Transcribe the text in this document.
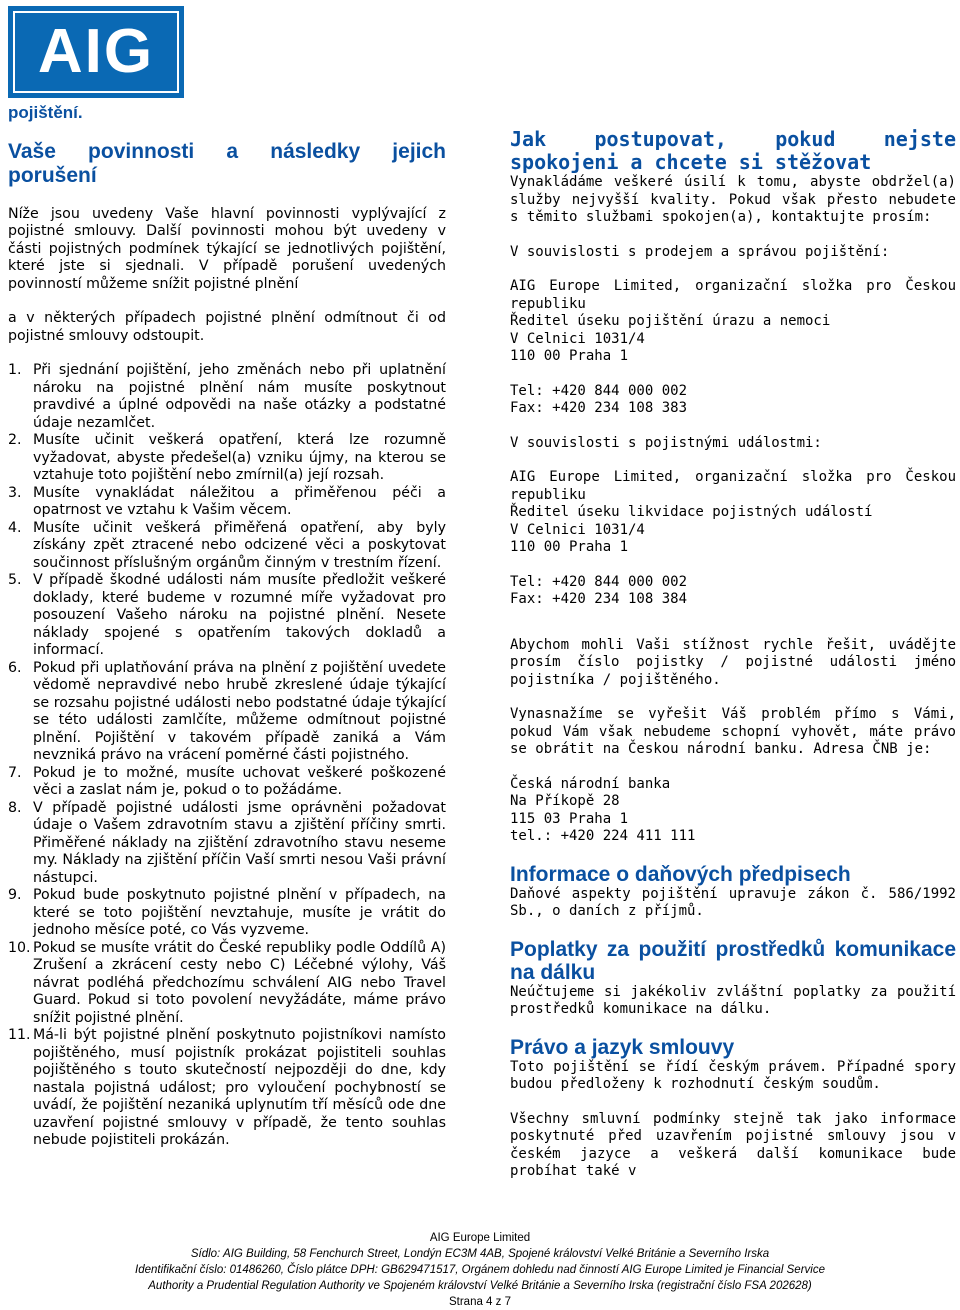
AIG

pojištění.

Vaše povinnosti a následky jejich
porušení

Níže jsou uvedeny Vaše hlavní povinnosti vyplývající z pojistné smlouvy. Další povinnosti mohou být uvedeny v části pojistných podmínek týkající se jednotlivých pojištění, které jste si sjednali. V případě porušení uvedených povinností můžeme snížit pojistné plnění

a v některých případech pojistné plnění odmítnout či od pojistné smlouvy odstoupit.

1. Při sjednání pojištění, jeho změnách nebo při uplatnění nároku na pojistné plnění nám musíte poskytnout pravdivé a úplné odpovědi na naše otázky a podstatné údaje nezamlčet.
2. Musíte učinit veškerá opatření, která lze rozumně vyžadovat, abyste předešel(a) vzniku újmy, na kterou se vztahuje toto pojištění nebo zmírnil(a) její rozsah.
3. Musíte vynakládat náležitou a přiměřenou péči a opatrnost ve vztahu k Vašim věcem.
4. Musíte učinit veškerá přiměřená opatření, aby byly získány zpět ztracené nebo odcizené věci a poskytovat součinnost příslušným orgánům činným v trestním řízení.
5. V případě škodné události nám musíte předložit veškeré doklady, které budeme v rozumné míře vyžadovat pro posouzení Vašeho nároku na pojistné plnění. Nesete náklady spojené s opatřením takových dokladů a informací.
6. Pokud při uplatňování práva na plnění z pojištění uvedete vědomě nepravdivé nebo hrubě zkreslené údaje týkající se rozsahu pojistné události nebo podstatné údaje týkající se této události zamlčíte, můžeme odmítnout pojistné plnění. Pojištění v takovém případě zaniká a Vám nevzniká právo na vrácení poměrné části pojistného.
7. Pokud je to možné, musíte uchovat veškeré poškozené věci a zaslat nám je, pokud o to požádáme.
8. V případě pojistné události jsme oprávněni požadovat údaje o Vašem zdravotním stavu a zjištění příčiny smrti. Přiměřené náklady na zjištění zdravotního stavu neseme my. Náklady na zjištění příčin Vaší smrti nesou Vaši právní nástupci.
9. Pokud bude poskytnuto pojistné plnění v případech, na které se toto pojištění nevztahuje, musíte je vrátit do jednoho měsíce poté, co Vás vyzveme.
10. Pokud se musíte vrátit do České republiky podle Oddílů A) Zrušení a zkrácení cesty nebo C) Léčebné výlohy, Váš návrat podléhá předchozímu schválení AIG nebo Travel Guard. Pokud si toto povolení nevyžádáte, máme právo snížit pojistné plnění.
11. Má-li být pojistné plnění poskytnuto pojistníkovi namísto pojištěného, musí pojistník prokázat pojistiteli souhlas pojištěného s touto skutečností nejpozději do dne, kdy nastala pojistná událost; pro vyloučení pochybností se uvádí, že pojištění nezaniká uplynutím tří měsíců ode dne uzavření pojistné smlouvy v případě, že tento souhlas nebude pojistiteli prokázán.
Jak postupovat, pokud nejste spokojeni a chcete si stěžovat

Vynakládáme veškeré úsilí k tomu, abyste obdržel(a) služby nejvyšší kvality. Pokud však přesto nebudete s těmito službami spokojen(a), kontaktujte prosím:

V souvislosti s prodejem a správou pojištění:

AIG Europe Limited, organizační složka pro Českou republiku

Ředitel úseku pojištění úrazu a nemoci

V Celnici 1031/4

110 00 Praha 1

Tel: +420 844 000 002

Fax: +420 234 108 383

V souvislosti s pojistnými událostmi:

AIG Europe Limited, organizační složka pro Českou republiku

Ředitel úseku likvidace pojistných událostí

V Celnici 1031/4

110 00 Praha 1

Tel: +420 844 000 002

Fax: +420 234 108 384

Abychom mohli Vaši stížnost rychle řešit, uvádějte prosím číslo pojistky / pojistné události jméno pojistníka / pojištěného.

Vynasnažíme se vyřešit Váš problém přímo s Vámi, pokud Vám však nebudeme schopní vyhovět, máte právo se obrátit na Českou národní banku. Adresa ČNB je:

Česká národní banka

Na Příkopě 28

115 03 Praha 1

tel.: +420 224 411 111

Informace o daňových předpisech

Daňové aspekty pojištění upravuje zákon č. 586/1992 Sb., o daních z příjmů.

Poplatky za použití prostředků komunikace na dálku

Neúčtujeme si jakékoliv zvláštní poplatky za použití prostředků komunikace na dálku.

Právo a jazyk smlouvy

Toto pojištění se řídí českým právem. Případné spory budou předloženy k rozhodnutí českým soudům.

Všechny smluvní podmínky stejně tak jako informace poskytnuté před uzavřením pojistné smlouvy jsou v českém jazyce a veškerá další komunikace bude probíhat také v

AIG Europe Limited
Sídlo: AIG Building, 58 Fenchurch Street, Londýn EC3M 4AB, Spojené království Velké Británie a Severního Irska
Identifikační číslo: 01486260, Číslo plátce DPH: GB629471517, Orgánem dohledu nad činností AIG Europe Limited je Financial Service
Authority a Prudential Regulation Authority ve Spojeném království Velké Británie a Severního Irska (registrační číslo FSA 202628)
Strana 4 z 7
